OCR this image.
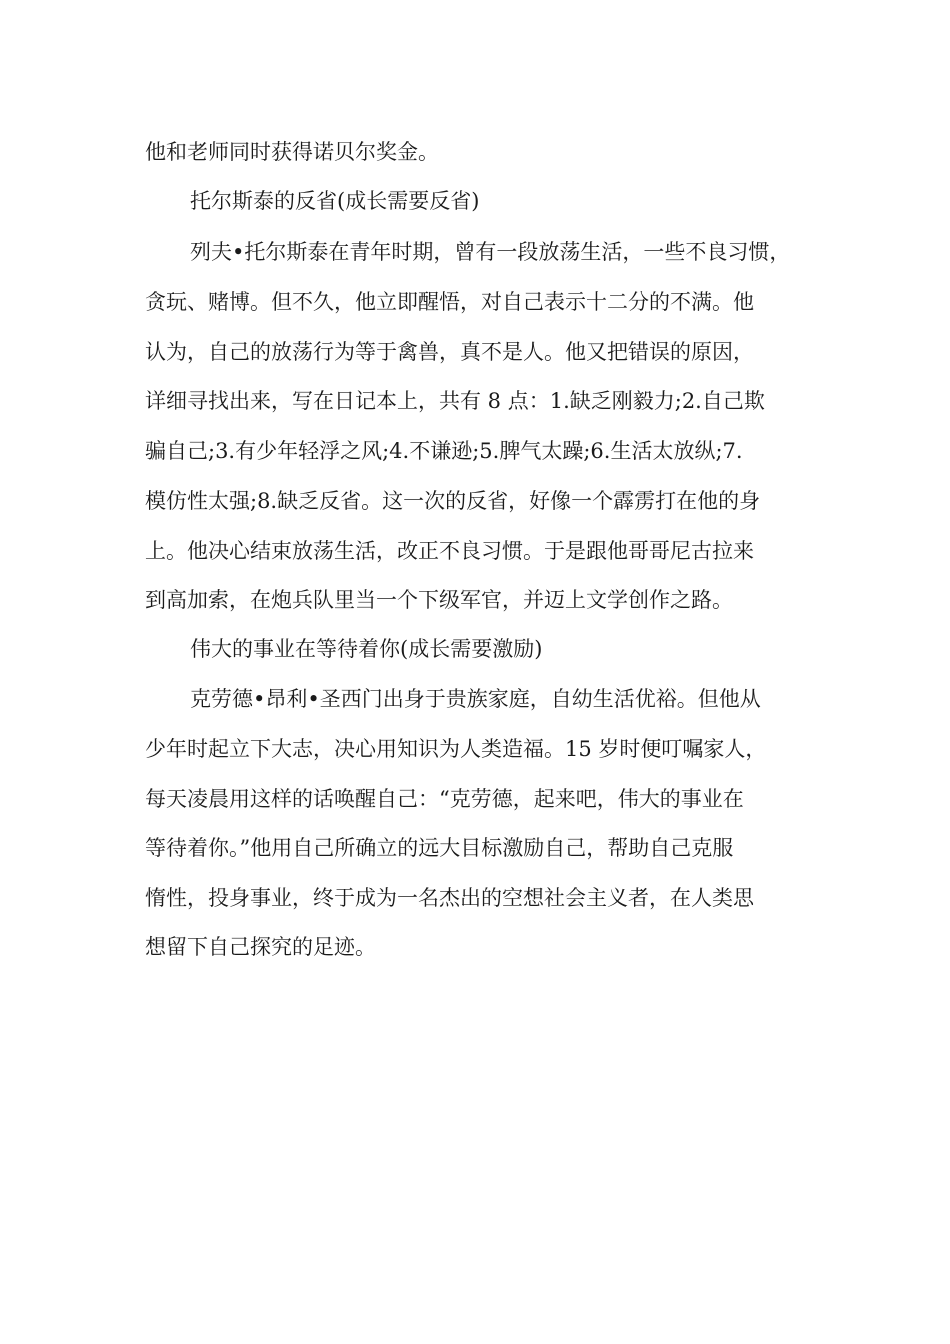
他和老师同时获得诺贝尔奖金。
托尔斯泰的反省(成长需要反省)
列夫•托尔斯泰在青年时期，曾有一段放荡生活，一些不良习惯，
贪玩、赌博。但不久，他立即醒悟，对自己表示十二分的不满。他
认为，自己的放荡行为等于禽兽，真不是人。他又把错误的原因，
详细寻找出来，写在日记本上，共有 8 点：1.缺乏刚毅力;2.自己欺
骗自己;3.有少年轻浮之风;4.不谦逊;5.脾气太躁;6.生活太放纵;7.
模仿性太强;8.缺乏反省。这一次的反省，好像一个霹雳打在他的身
上。他决心结束放荡生活，改正不良习惯。于是跟他哥哥尼古拉来
到高加索，在炮兵队里当一个下级军官，并迈上文学创作之路。
伟大的事业在等待着你(成长需要激励)
克劳德•昂利•圣西门出身于贵族家庭，自幼生活优裕。但他从
少年时起立下大志，决心用知识为人类造福。15 岁时便叮嘱家人，
每天凌晨用这样的话唤醒自己：“克劳德，起来吧，伟大的事业在
等待着你。”他用自己所确立的远大目标激励自己，帮助自己克服
惰性，投身事业，终于成为一名杰出的空想社会主义者，在人类思
想留下自己探究的足迹。
